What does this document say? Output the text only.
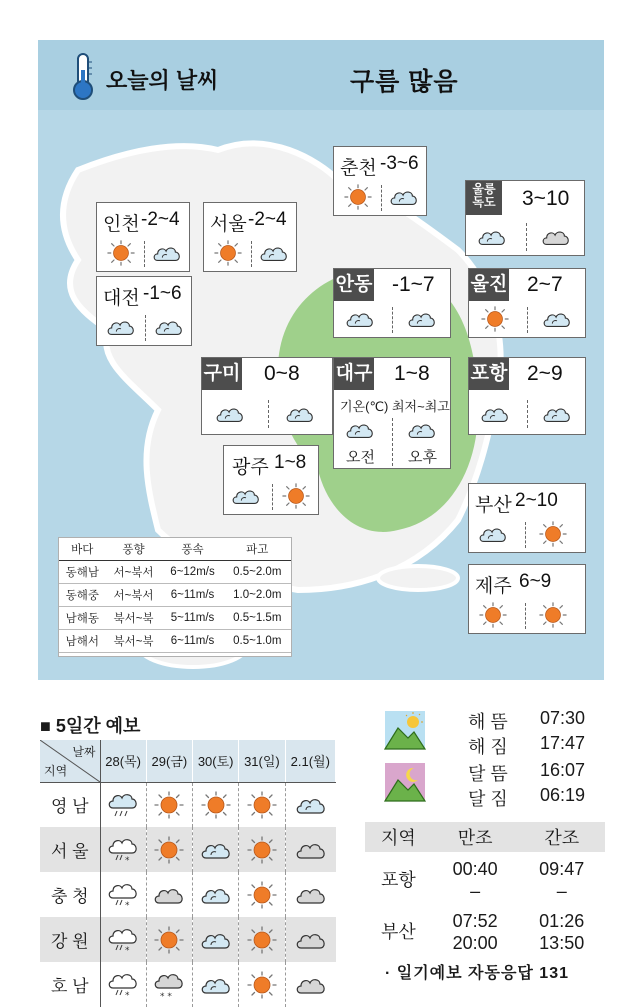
오늘의 날씨	구름 많음
춘천 -3~6
울릉
독도	3~10
인천 -2~4 서울 -2~4
대전 -1~6	안동 -1~7 울진 2~7
구미 0~8 대구 1~8
기온(℃) 최저~최고
오전 오후
포항 2~9
광주 1~8
부산 2~10
제주 6~9
바다	풍향	풍속	파고
동해남	서~북서	6~12m/s	0.5~2.0m
동해중	서~북서	6~11m/s	1.0~2.0m
남해동	북서~북	5~11m/s	0.5~1.5m
남해서	북서~북	6~11m/s	0.5~1.0m
■ 5일간 예보
날짜
지역	28(목)	29(금)	30(토)	31(일)	2.1(월)
영 남	

서 울	

충 청	

강 원	

호 남	

해 뜸 07:30
해 짐 17:47
달 뜸 16:07
달 짐 06:19
지역	만조	간조
포항	00:40	09:47
	–	–
부산	07:52	01:26
	20:00	13:50
· 일기예보 자동응답 131
